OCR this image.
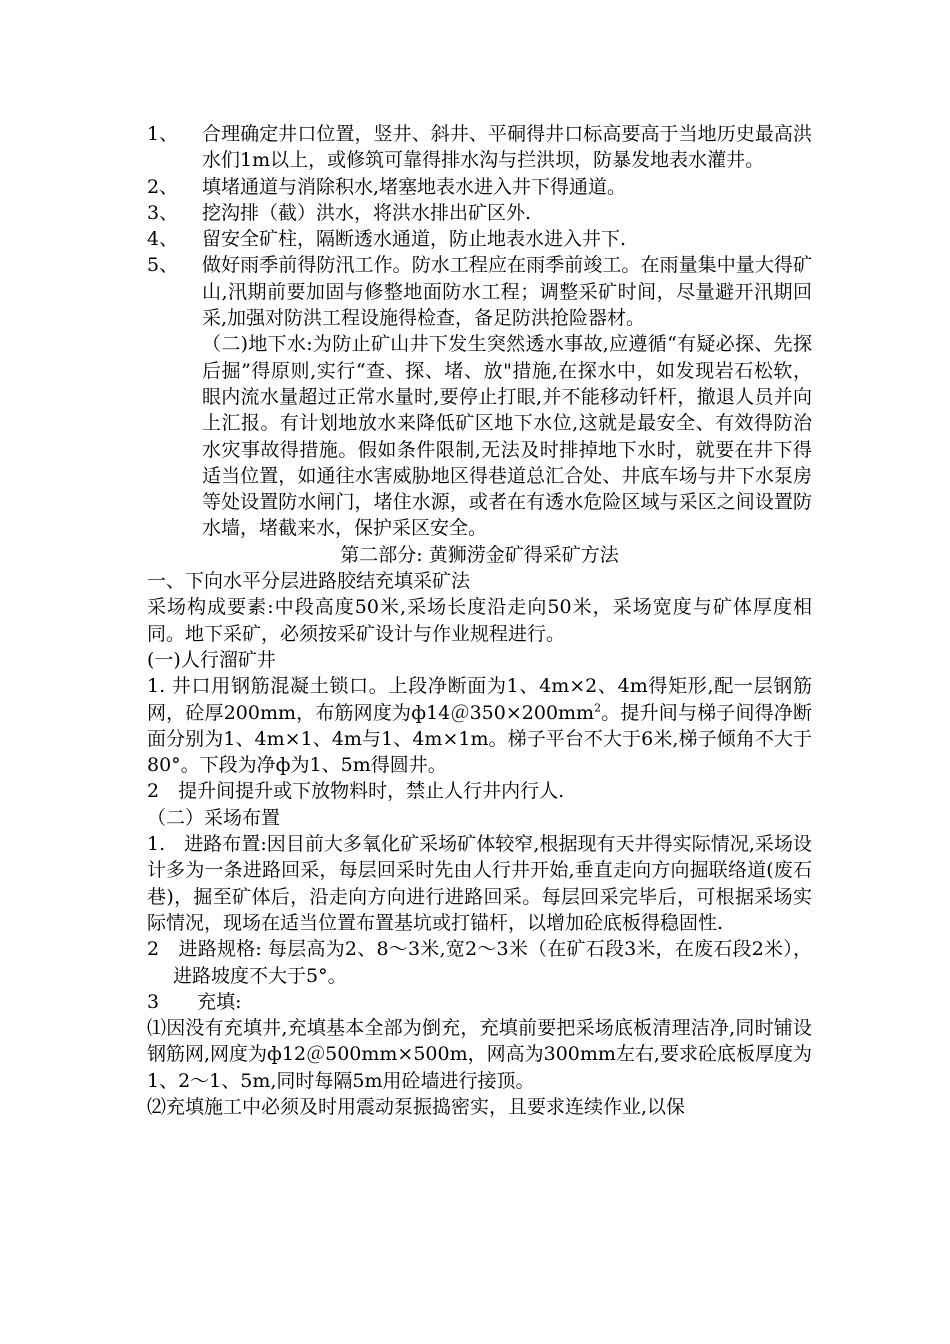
1、	合理确定井口位置，竖井、斜井、平硐得井口标高要高于当地历史最高洪水们1m以上，或修筑可靠得排水沟与拦洪坝，防暴发地表水灌井。
2、	填堵通道与消除积水,堵塞地表水进入井下得通道。
3、	挖沟排（截）洪水，将洪水排出矿区外.
4、	留安全矿柱，隔断透水通道，防止地表水进入井下.
5、	做好雨季前得防汛工作。防水工程应在雨季前竣工。在雨量集中量大得矿山,汛期前要加固与修整地面防水工程；调整采矿时间，尽量避开汛期回采,加强对防洪工程设施得检查，备足防洪抢险器材。
（二)地下水:为防止矿山井下发生突然透水事故,应遵循“有疑必探、先探后掘”得原则,实行“查、探、堵、放"措施,在探水中，如发现岩石松软，眼内流水量超过正常水量时,要停止打眼,并不能移动钎杆，撤退人员并向上汇报。有计划地放水来降低矿区地下水位,这就是最安全、有效得防治水灾事故得措施。假如条件限制,无法及时排掉地下水时，就要在井下得适当位置，如通往水害威胁地区得巷道总汇合处、井底车场与井下水泵房等处设置防水闸门，堵住水源，或者在有透水危险区域与采区之间设置防水墙，堵截来水，保护采区安全。
第二部分: 黄狮涝金矿得采矿方法
一、下向水平分层进路胶结充填采矿法
采场构成要素:中段高度50米,采场长度沿走向50米，采场宽度与矿体厚度相同。地下采矿，必须按采矿设计与作业规程进行。
(一)人行溜矿井
1. 井口用钢筋混凝土锁口。上段净断面为1、4m×2、4m得矩形,配一层钢筋网，砼厚200mm，布筋网度为$ф14@350\times 200mm^2$。提升间与梯子间得净断面分别为1、4m×1、4m与1、4m×1m。梯子平台不大于6米,梯子倾角不大于80°。下段为净ф为1、5m得圆井。
2　提升间提升或下放物料时，禁止人行井内行人.
（二）采场布置
1.　进路布置:因目前大多氧化矿采场矿体较窄,根据现有天井得实际情况,采场设计多为一条进路回采，每层回采时先由人行井开始,垂直走向方向掘联络道(废石巷)，掘至矿体后，沿走向方向进行进路回采。每层回采完毕后，可根据采场实际情况，现场在适当位置布置基坑或打锚杆，以增加砼底板得稳固性.
2　进路规格: 每层高为2、8～3米,宽2～3米（在矿石段3米，在废石段2米），进路坡度不大于5°。
3　　充填:
⑴因没有充填井,充填基本全部为倒充，充填前要把采场底板清理洁净,同时铺设钢筋网,网度为ф12＠500mm×500m，网高为300mm左右,要求砼底板厚度为1、2～1、5m,同时每隔5m用砼墙进行接顶。
⑵充填施工中必须及时用震动泵振捣密实，且要求连续作业,以保
